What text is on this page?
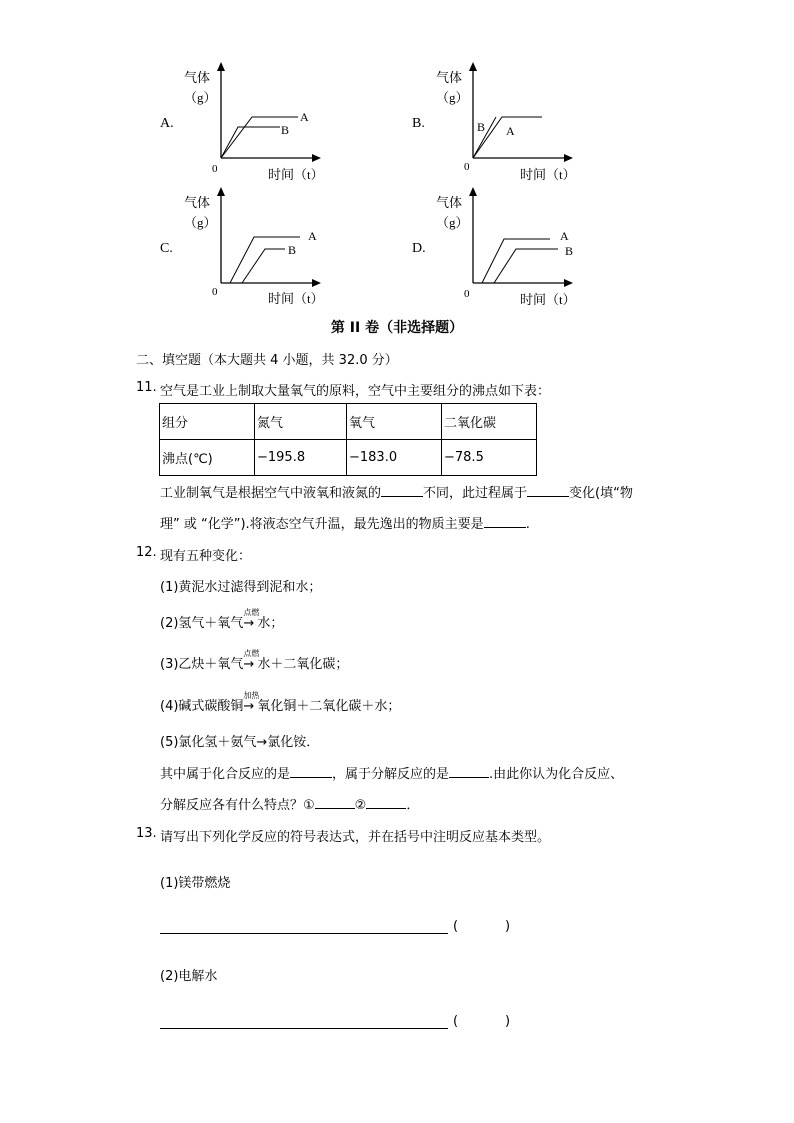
A.
气体
（g）
A
B
0	时间（t）
B.
气体
（g）
A
B
0	时间（t）
C.
气体
（g）
A
B
0	时间（t）
D.
气体
（g）
A
B
0	时间（t）
第 II 卷（非选择题）
二、填空题（本大题共 4 小题，共 32.0 分）
11. 空气是工业上制取大量氧气的原料，空气中主要组分的沸点如下表：
组分	氮气	氧气	二氧化碳
沸点(℃)	−195.8	−183.0	−78.5
工业制氧气是根据空气中液氧和液氮的	不同，此过程属于	变化(填“物
理” 或 “化学”).将液态空气升温，最先逸出的物质主要是	.
12. 现有五种变化：
(1)黄泥水过滤得到泥和水；
(2)氢气＋氧气
点燃
→ 水；
(3)乙炔＋氧气
点燃
→ 水＋二氧化碳；
(4)碱式碳酸铜
加热
→ 氧化铜＋二氧化碳＋水；
(5)氯化氢＋氨气→氯化铵．
其中属于化合反应的是	，属于分解反应的是	.由此你认为化合反应、
分解反应各有什么特点？①	②	．
13. 请写出下列化学反应的符号表达式，并在括号中注明反应基本类型。
(1)镁带燃烧
(	)
(2)电解水
(	)
